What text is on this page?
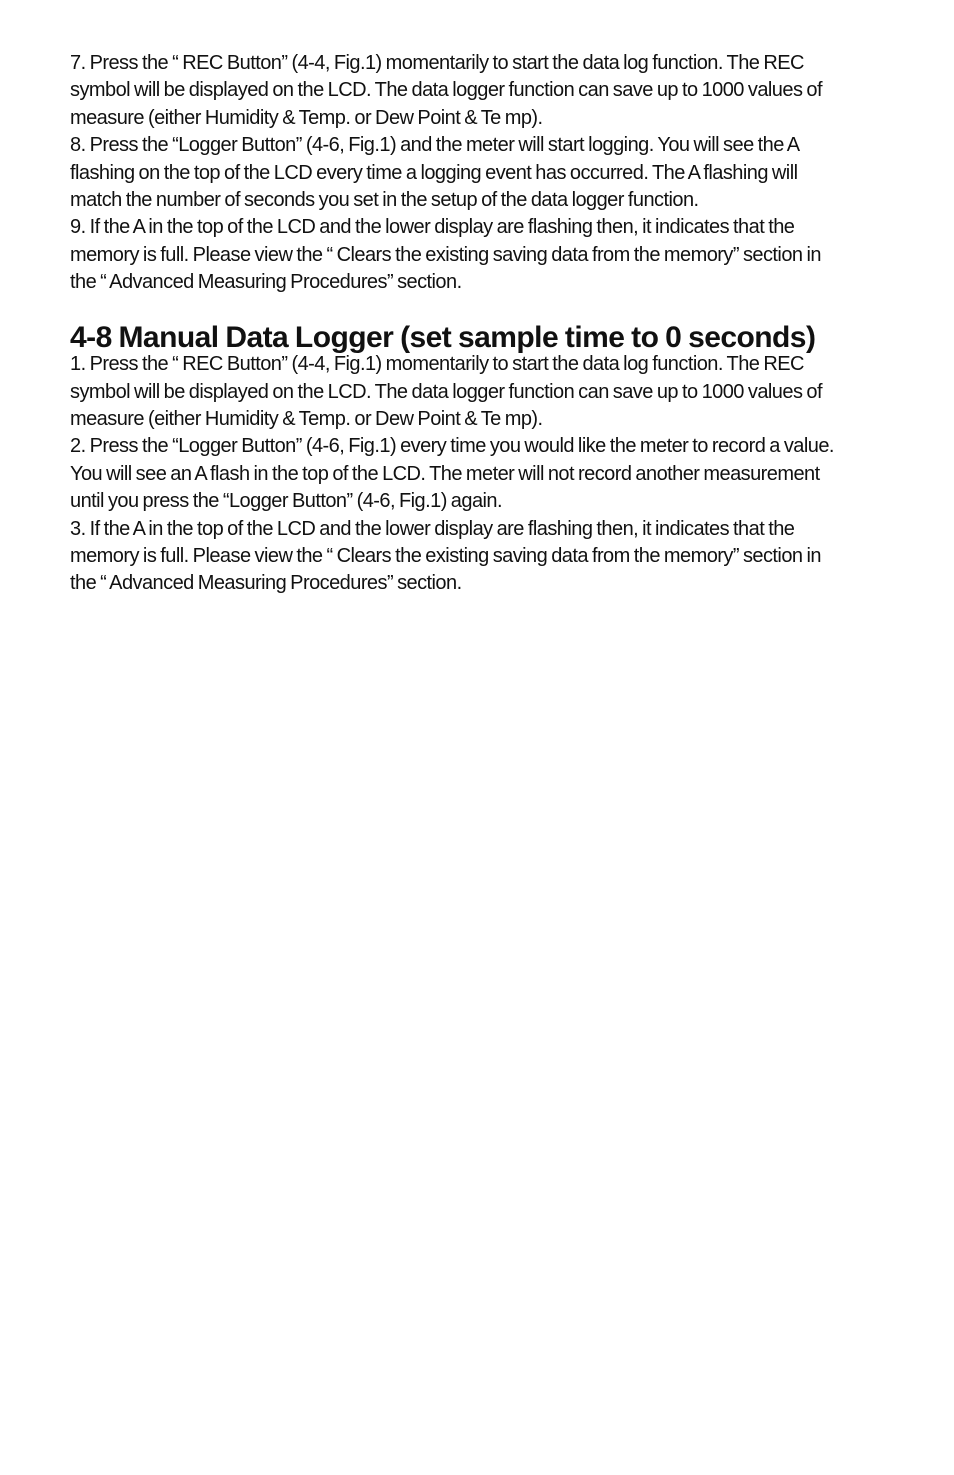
7. Press the “ REC Button” (4-4, Fig.1) momentarily to start the data log function. The REC
symbol will be displayed on the LCD. The data logger function can save up to 1000 values of
measure (either Humidity & Temp. or Dew Point & Te mp).

8. Press the “Logger Button” (4-6, Fig.1) and the meter will start logging. You will see the A
flashing on the top of the LCD every time a logging event has occurred. The A flashing will
match the number of seconds you set in the setup of the data logger function.

9. If the A in the top of the LCD and the lower display are flashing then, it indicates that the
memory is full. Please view the “ Clears the existing saving data from the memory” section in
the “ Advanced Measuring Procedures” section.

4-8 Manual Data Logger (set sample time to 0 seconds)

1. Press the “ REC Button” (4-4, Fig.1) momentarily to start the data log function. The REC
symbol will be displayed on the LCD. The data logger function can save up to 1000 values of
measure (either Humidity & Temp. or Dew Point & Te mp).

2. Press the “Logger Button” (4-6, Fig.1) every time you would like the meter to record a value.
You will see an A flash in the top of the LCD. The meter will not record another measurement
until you press the “Logger Button” (4-6, Fig.1) again.

3. If the A in the top of the LCD and the lower display are flashing then, it indicates that the
memory is full. Please view the “ Clears the existing saving data from the memory” section in
the “ Advanced Measuring Procedures” section.
